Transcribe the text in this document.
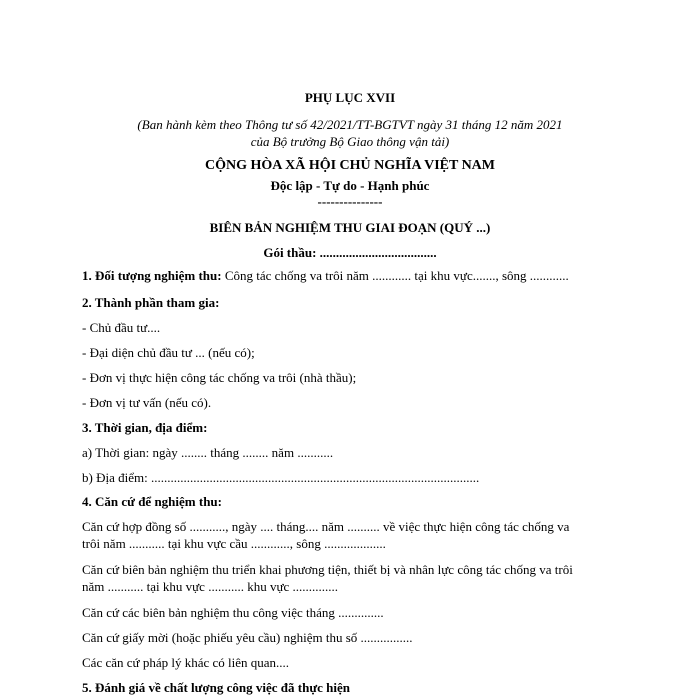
PHỤ LỤC XVII
(Ban hành kèm theo Thông tư số 42/2021/TT-BGTVT ngày 31 tháng 12 năm 2021
của Bộ trưởng Bộ Giao thông vận tải)
CỘNG HÒA XÃ HỘI CHỦ NGHĨA VIỆT NAM
Độc lập - Tự do - Hạnh phúc
---------------
BIÊN BẢN NGHIỆM THU GIAI ĐOẠN (QUÝ ...)
Gói thầu: ....................................
1. Đối tượng nghiệm thu: Công tác chống va trôi năm ............ tại khu vực......., sông ............
2. Thành phần tham gia:
- Chủ đầu tư....
- Đại diện chủ đầu tư ... (nếu có);
- Đơn vị thực hiện công tác chống va trôi (nhà thầu);
- Đơn vị tư vấn (nếu có).
3. Thời gian, địa điểm:
a) Thời gian: ngày ........ tháng ........ năm ...........
b) Địa điểm: .....................................................................................................
4. Căn cứ để nghiệm thu:
Căn cứ hợp đồng số ..........., ngày .... tháng.... năm .......... về việc thực hiện công tác chống va
trôi năm ........... tại khu vực cầu ............, sông ...................
Căn cứ biên bản nghiệm thu triển khai phương tiện, thiết bị và nhân lực công tác chống va trôi
năm ........... tại khu vực ........... khu vực ..............
Căn cứ các biên bản nghiệm thu công việc tháng ..............
Căn cứ giấy mời (hoặc phiếu yêu cầu) nghiệm thu số ................
Các căn cứ pháp lý khác có liên quan....
5. Đánh giá về chất lượng công việc đã thực hiện
